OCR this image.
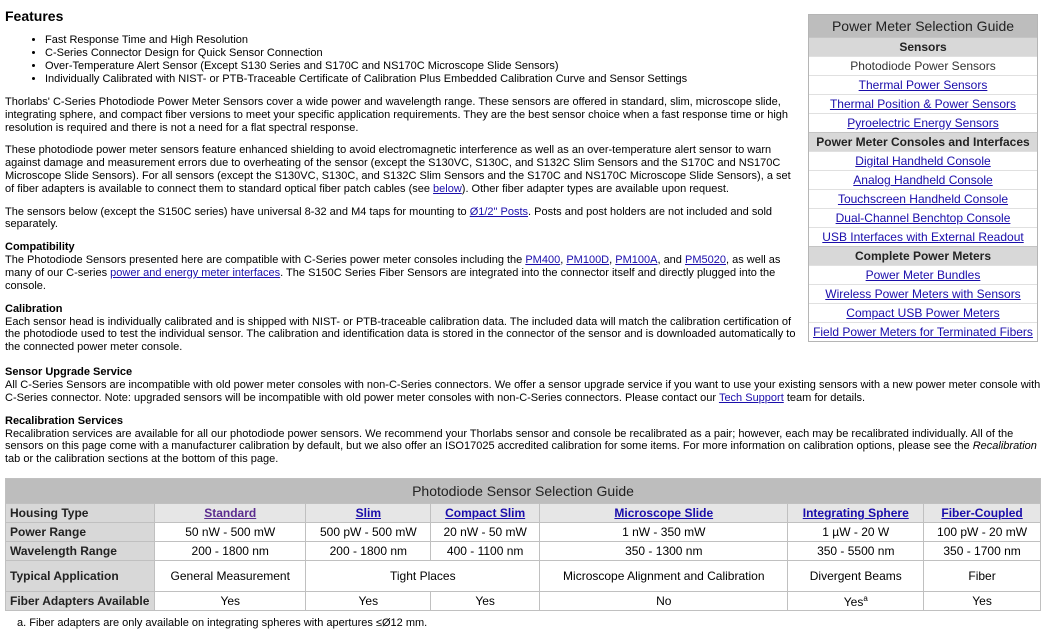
Features
• Fast Response Time and High Resolution
• C-Series Connector Design for Quick Sensor Connection
• Over-Temperature Alert Sensor (Except S130 Series and S170C and NS170C Microscope Slide Sensors)
• Individually Calibrated with NIST- or PTB-Traceable Certificate of Calibration Plus Embedded Calibration Curve and Sensor Settings

Thorlabs' C-Series Photodiode Power Meter Sensors cover a wide power and wavelength range. These sensors are offered in standard, slim, microscope slide, integrating sphere, and compact fiber versions to meet your specific application requirements. They are the best sensor choice when a fast response time or high resolution is required and there is not a need for a flat spectral response.

These photodiode power meter sensors feature enhanced shielding to avoid electromagnetic interference as well as an over-temperature alert sensor to warn against damage and measurement errors due to overheating of the sensor (except the S130VC, S130C, and S132C Slim Sensors and the S170C and NS170C Microscope Slide Sensors). For all sensors (except the S130VC, S130C, and S132C Slim Sensors and the S170C and NS170C Microscope Slide Sensors), a set of fiber adapters is available to connect them to standard optical fiber patch cables (see below). Other fiber adapter types are available upon request.

The sensors below (except the S150C series) have universal 8-32 and M4 taps for mounting to Ø1/2" Posts. Posts and post holders are not included and sold separately.

Compatibility
The Photodiode Sensors presented here are compatible with C-Series power meter consoles including the PM400, PM100D, PM100A, and PM5020, as well as many of our C-series power and energy meter interfaces. The S150C Series Fiber Sensors are integrated into the connector itself and directly plugged into the console.

Calibration
Each sensor head is individually calibrated and is shipped with NIST- or PTB-traceable calibration data. The included data will match the calibration certification of the photodiode used to test the individual sensor. The calibration and identification data is stored in the connector of the sensor and is downloaded automatically to the connected power meter console.

Sensor Upgrade Service
All C-Series Sensors are incompatible with old power meter consoles with non-C-Series connectors. We offer a sensor upgrade service if you want to use your existing sensors with a new power meter console with C-Series connector. Note: upgraded sensors will be incompatible with old power meter consoles with non-C-Series connectors. Please contact our Tech Support team for details.

Recalibration Services
Recalibration services are available for all our photodiode power sensors. We recommend your Thorlabs sensor and console be recalibrated as a pair; however, each may be recalibrated individually. All of the sensors on this page come with a manufacturer calibration by default, but we also offer an ISO17025 accredited calibration for some items. For more information on calibration options, please see the Recalibration tab or the calibration sections at the bottom of this page.

Power Meter Selection Guide
Sensors
Photodiode Power Sensors
Thermal Power Sensors
Thermal Position & Power Sensors
Pyroelectric Energy Sensors
Power Meter Consoles and Interfaces
Digital Handheld Console
Analog Handheld Console
Touchscreen Handheld Console
Dual-Channel Benchtop Console
USB Interfaces with External Readout
Complete Power Meters
Power Meter Bundles
Wireless Power Meters with Sensors
Compact USB Power Meters
Field Power Meters for Terminated Fibers
Photodiode Sensor Selection Guide						
Housing Type	Standard	Slim	Compact Slim	Microscope Slide	Integrating Sphere	Fiber-Coupled
Power Range	50 nW - 500 mW	500 pW - 500 mW	20 nW - 50 mW	1 nW - 350 mW	1 µW - 20 W	100 pW - 20 mW
Wavelength Range	200 - 1800 nm	200 - 1800 nm	400 - 1100 nm	350 - 1300 nm	350 - 5500 nm	350 - 1700 nm
Typical Application	General Measurement	Tight Places		Microscope Alignment and Calibration	Divergent Beams	Fiber
Fiber Adapters Available	Yes	Yes	Yes	No	Yes$^a$	Yes
a. Fiber adapters are only available on integrating spheres with apertures ≤Ø12 mm.
